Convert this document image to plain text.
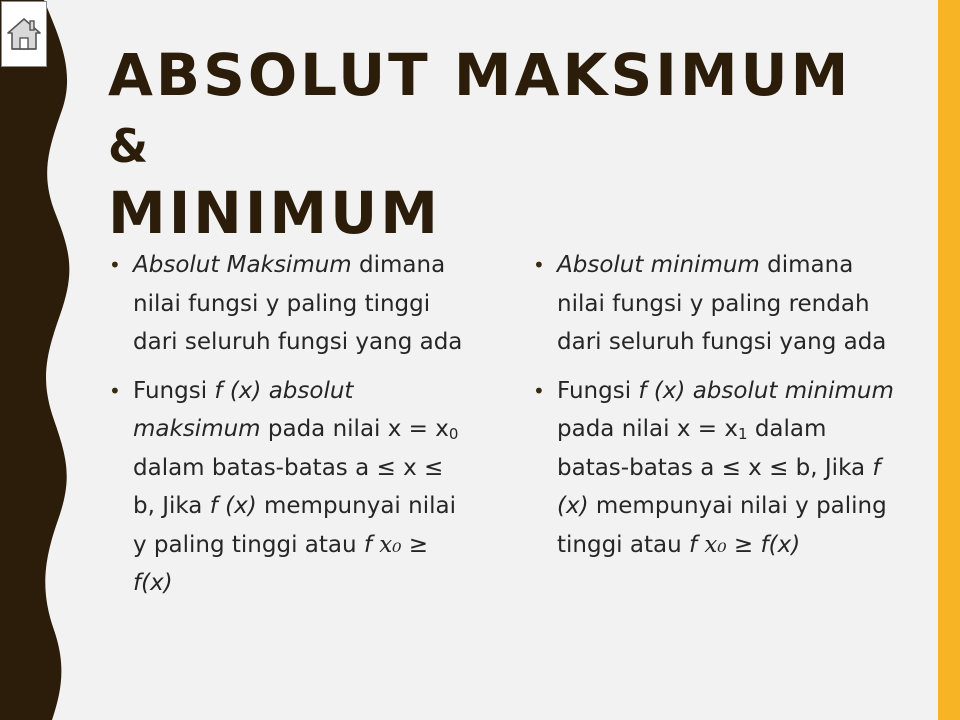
ABSOLUT MAKSIMUM &
MINIMUM
• Absolut Maksimum dimana nilai fungsi y paling tinggi dari seluruh fungsi yang ada
• Fungsi f (x) absolut maksimum pada nilai $x = x_0$ dalam batas-batas a ≤ x ≤ b, Jika f (x) mempunyai nilai y paling tinggi atau f 𝑥₀ ≥ f(x)
• Absolut minimum dimana nilai fungsi y paling rendah dari seluruh fungsi yang ada
• Fungsi f (x) absolut minimum pada nilai $x = x_1$ dalam batas-batas a ≤ x ≤ b, Jika f (x) mempunyai nilai y paling tinggi atau f 𝑥₀ ≥ f(x)
